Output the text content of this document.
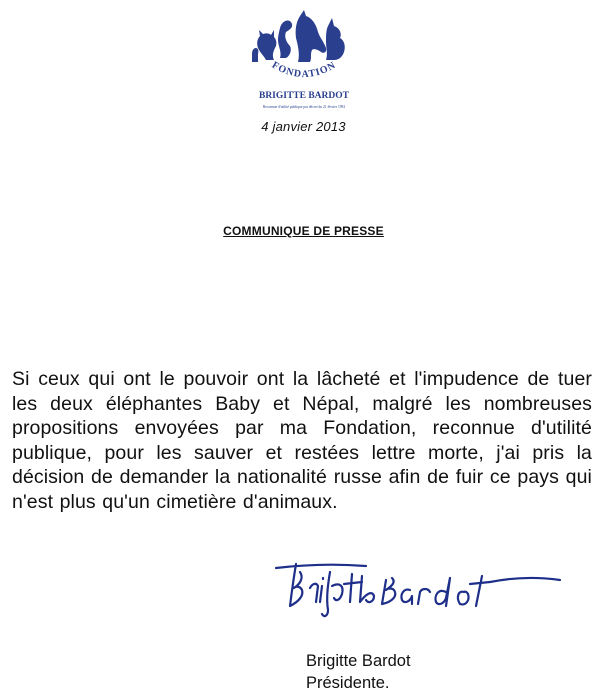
FONDATION
BRIGITTE BARDOT
Reconnue d'utilité publique par décret du 21 février 1992
4 janvier 2013
COMMUNIQUE DE PRESSE
Si ceux qui ont le pouvoir ont la lâcheté et l'impudence de tuer les deux éléphantes Baby et Népal, malgré les nombreuses propositions envoyées par ma Fondation, reconnue d'utilité publique, pour les sauver et restées lettre morte, j'ai pris la décision de demander la nationalité russe afin de fuir ce pays qui n'est plus qu'un cimetière d'animaux.
Brigitte Bardot
Présidente.
